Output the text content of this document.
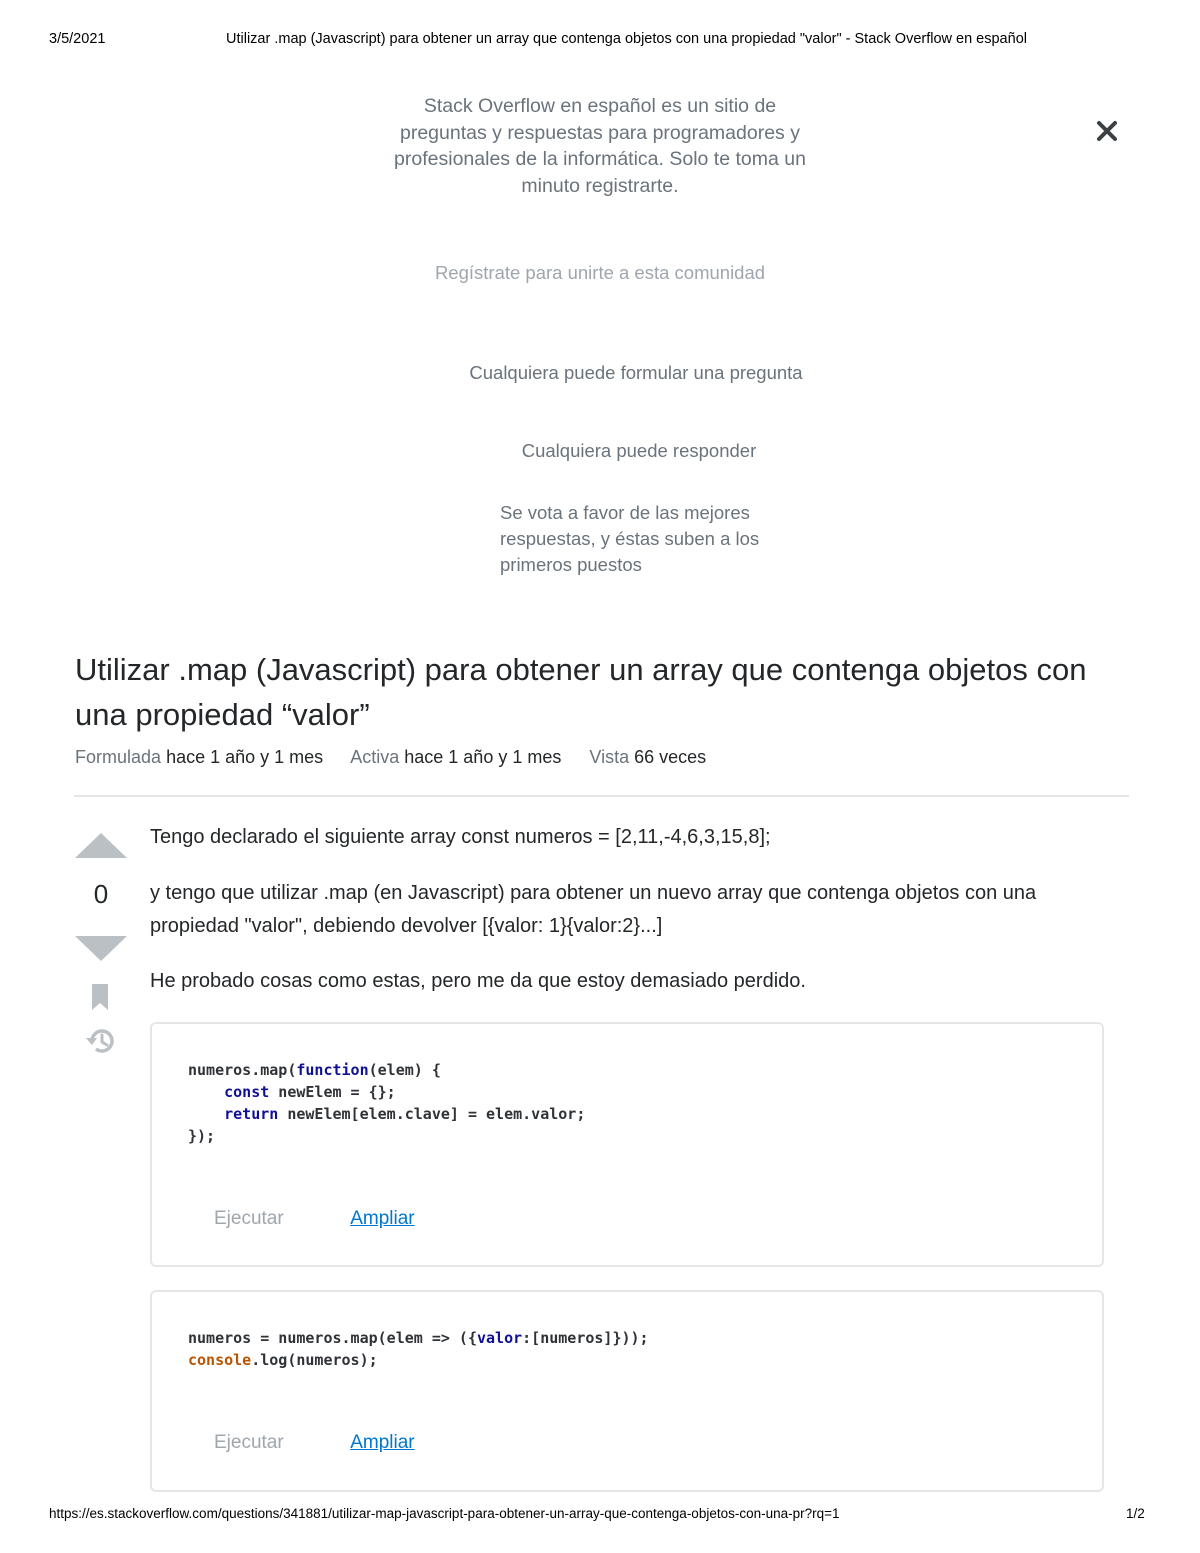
3/5/2021	Utilizar .map (Javascript) para obtener un array que contenga objetos con una propiedad "valor" - Stack Overflow en español
Stack Overflow en español es un sitio de preguntas y respuestas para programadores y profesionales de la informática. Solo te toma un minuto registrarte.
Regístrate para unirte a esta comunidad
Cualquiera puede formular una pregunta
Cualquiera puede responder
Se vota a favor de las mejores respuestas, y éstas suben a los primeros puestos
Utilizar .map (Javascript) para obtener un array que contenga objetos con una propiedad “valor”
Formulada hace 1 año y 1 mes Activa hace 1 año y 1 mes Vista 66 veces
0
Tengo declarado el siguiente array const numeros = [2,11,-4,6,3,15,8];
y tengo que utilizar .map (en Javascript) para obtener un nuevo array que contenga objetos con una propiedad "valor", debiendo devolver [{valor: 1}{valor:2}...]
He probado cosas como estas, pero me da que estoy demasiado perdido.
numeros.map(function(elem) {
const newElem = {};
return newElem[elem.clave] = elem.valor;
});
Ejecutar	Ampliar
numeros = numeros.map(elem => ({valor:[numeros]}));
console.log(numeros);
Ejecutar	Ampliar
https://es.stackoverflow.com/questions/341881/utilizar-map-javascript-para-obtener-un-array-que-contenga-objetos-con-una-pr?rq=1	1/2
